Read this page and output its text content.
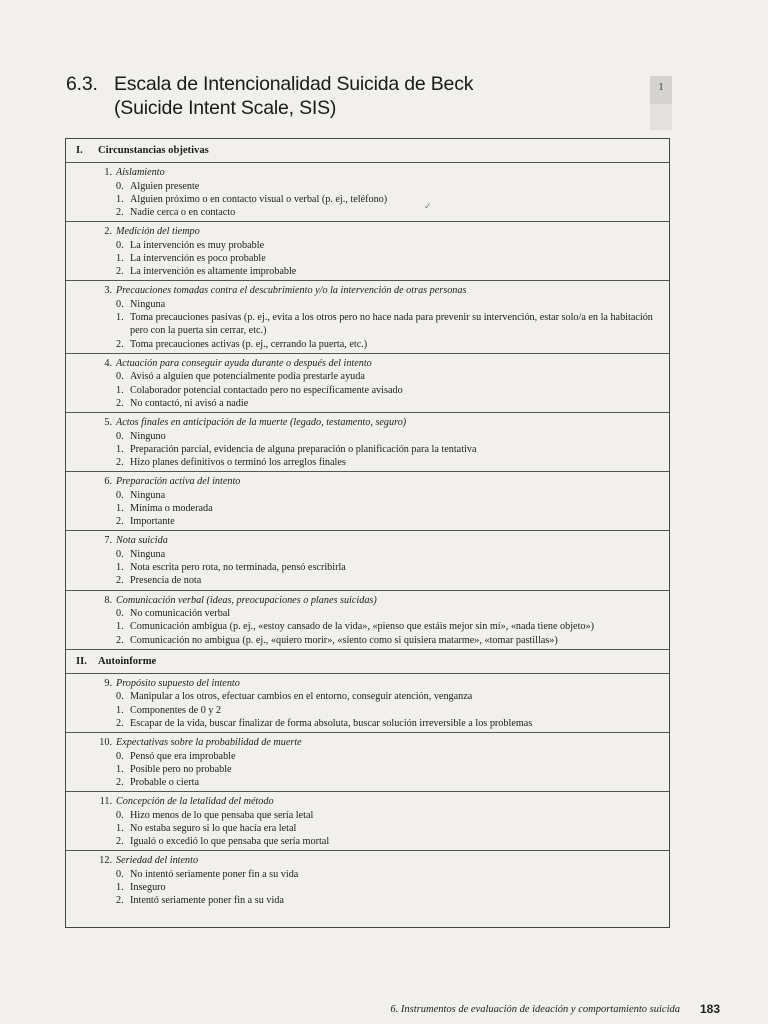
6.3. Escala de Intencionalidad Suicida de Beck
(Suicide Intent Scale, SIS)
1
✓
I. Circunstancias objetivas
1. Aislamiento
0. Alguien presente
1. Alguien próximo o en contacto visual o verbal (p. ej., teléfono)
2. Nadie cerca o en contacto
2. Medición del tiempo
0. La intervención es muy probable
1. La intervención es poco probable
2. La intervención es altamente improbable
3. Precauciones tomadas contra el descubrimiento y/o la intervención de otras personas
0. Ninguna
1. Toma precauciones pasivas (p. ej., evita a los otros pero no hace nada para prevenir su intervención, estar solo/a en la habitación pero con la puerta sin cerrar, etc.)
2. Toma precauciones activas (p. ej., cerrando la puerta, etc.)
4. Actuación para conseguir ayuda durante o después del intento
0. Avisó a alguien que potencialmente podía prestarle ayuda
1. Colaborador potencial contactado pero no específicamente avisado
2. No contactó, ni avisó a nadie
5. Actos finales en anticipación de la muerte (legado, testamento, seguro)
0. Ninguno
1. Preparación parcial, evidencia de alguna preparación o planificación para la tentativa
2. Hizo planes definitivos o terminó los arreglos finales
6. Preparación activa del intento
0. Ninguna
1. Mínima o moderada
2. Importante
7. Nota suicida
0. Ninguna
1. Nota escrita pero rota, no terminada, pensó escribirla
2. Presencia de nota
8. Comunicación verbal (ideas, preocupaciones o planes suicidas)
0. No comunicación verbal
1. Comunicación ambigua (p. ej., «estoy cansado de la vida», «pienso que estáis mejor sin mí», «nada tiene objeto»)
2. Comunicación no ambigua (p. ej., «quiero morir», «siento como si quisiera matarme», «tomar pastillas»)
II. Autoinforme
9. Propósito supuesto del intento
0. Manipular a los otros, efectuar cambios en el entorno, conseguir atención, venganza
1. Componentes de 0 y 2
2. Escapar de la vida, buscar finalizar de forma absoluta, buscar solución irreversible a los problemas
10. Expectativas sobre la probabilidad de muerte
0. Pensó que era improbable
1. Posible pero no probable
2. Probable o cierta
11. Concepción de la letalidad del método
0. Hizo menos de lo que pensaba que sería letal
1. No estaba seguro si lo que hacía era letal
2. Igualó o excedió lo que pensaba que sería mortal
12. Seriedad del intento
0. No intentó seriamente poner fin a su vida
1. Inseguro
2. Intentó seriamente poner fin a su vida
6. Instrumentos de evaluación de ideación y comportamiento suicida 183
